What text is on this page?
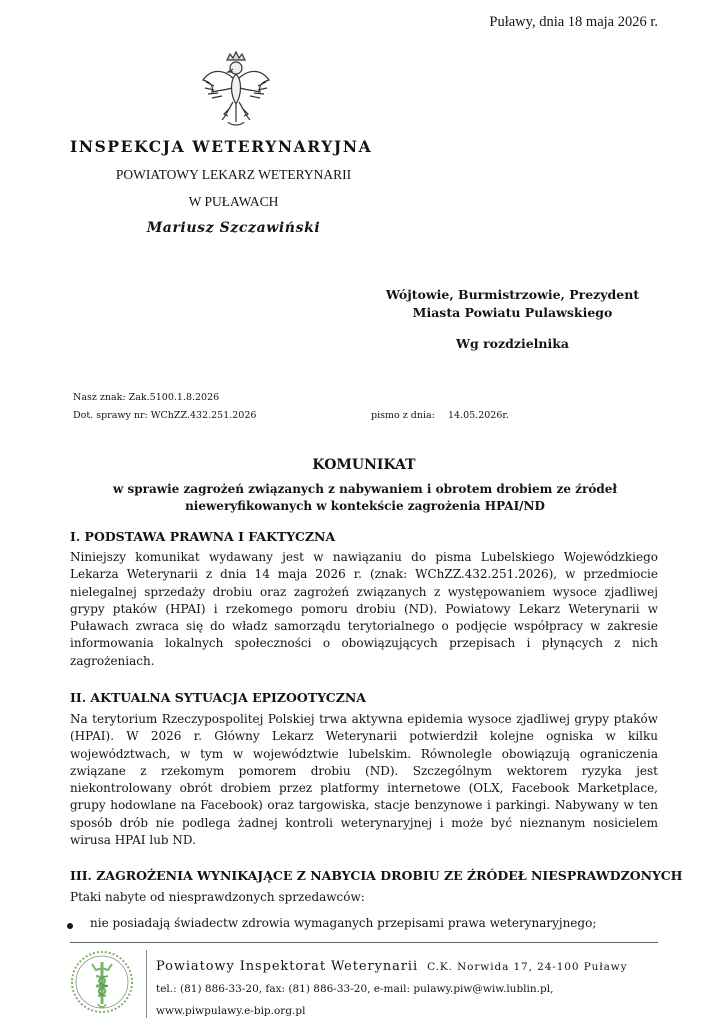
Puławy, dnia 18 maja 2026 r.
INSPEKCJA WETERYNARYJNA
POWIATOWY LEKARZ WETERYNARII
W PUŁAWACH
Mariusz Szczawiński
Wójtowie, Burmistrzowie, Prezydent
Miasta Powiatu Pulawskiego
Wg rozdzielnika
Nasz znak: Zak.5100.1.8.2026
Dot. sprawy nr: WChZZ.432.251.2026	pismo z dnia: 14.05.2026r.
KOMUNIKAT
w sprawie zagrożeń związanych z nabywaniem i obrotem drobiem ze źródeł nieweryfikowanych w kontekście zagrożenia HPAI/ND
I. PODSTAWA PRAWNA I FAKTYCZNA
Niniejszy komunikat wydawany jest w nawiązaniu do pisma Lubelskiego Wojewódzkiego Lekarza Weterynarii z dnia 14 maja 2026 r. (znak: WChZZ.432.251.2026), w przedmiocie nielegalnej sprzedaży drobiu oraz zagrożeń związanych z występowaniem wysoce zjadliwej grypy ptaków (HPAI) i rzekomego pomoru drobiu (ND). Powiatowy Lekarz Weterynarii w Puławach zwraca się do władz samorządu terytorialnego o podjęcie współpracy w zakresie informowania lokalnych społeczności o obowiązujących przepisach i płynących z nich zagrożeniach.
II. AKTUALNA SYTUACJA EPIZOOTYCZNA
Na terytorium Rzeczypospolitej Polskiej trwa aktywna epidemia wysoce zjadliwej grypy ptaków (HPAI). W 2026 r. Główny Lekarz Weterynarii potwierdził kolejne ogniska w kilku województwach, w tym w województwie lubelskim. Równolegle obowiązują ograniczenia związane z rzekomym pomorem drobiu (ND). Szczególnym wektorem ryzyka jest niekontrolowany obrót drobiem przez platformy internetowe (OLX, Facebook Marketplace, grupy hodowlane na Facebook) oraz targowiska, stacje benzynowe i parkingi. Nabywany w ten sposób drób nie podlega żadnej kontroli weterynaryjnej i może być nieznanym nosicielem wirusa HPAI lub ND.
III. ZAGROŻENIA WYNIKAJĄCE Z NABYCIA DROBIU ZE ŹRÓDEŁ NIESPRAWDZONYCH
Ptaki nabyte od niesprawdzonych sprzedawców:
nie posiadają świadectw zdrowia wymaganych przepisami prawa weterynaryjnego;
Powiatowy Inspektorat Weterynarii C.K. Norwida 17, 24-100 Puławy
tel.: (81) 886-33-20, fax: (81) 886-33-20, e-mail: pulawy.piw@wiw.lublin.pl,
www.piwpulawy.e-bip.org.pl
